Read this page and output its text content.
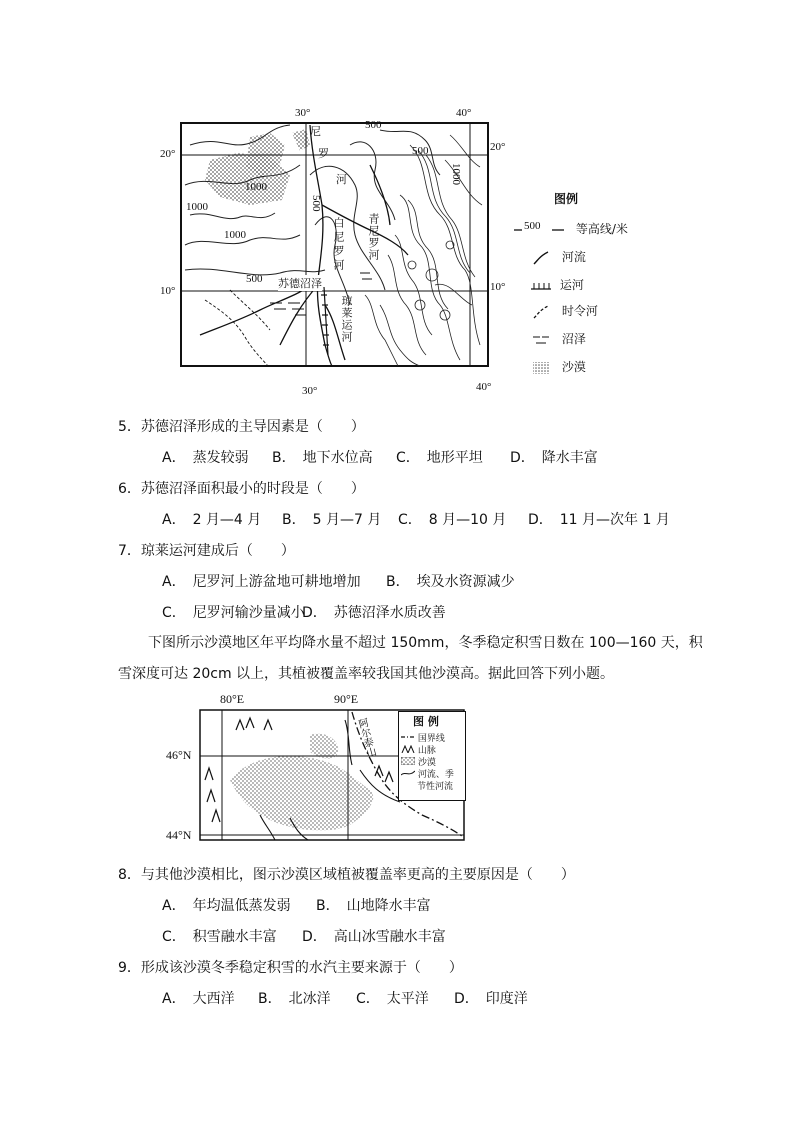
30°	40°
30°	40°
20°
10°	10°
20°
500
1000
1000
1000
500
500
1000
500
尼
罗
河
白尼罗河 青尼罗河
苏德沼泽
琼莱运河
图例

500	等高线/米
河流
运河
时令河
沼泽
沙漠
5．苏德沼泽形成的主导因素是（　　）
A．　蒸发较弱 B．　地下水位高 C．　地形平坦 D．　降水丰富
6．苏德沼泽面积最小的时段是（　　）
A．　2 月—4 月 B．　5 月—7 月 C．　8 月—10 月 D．　11 月—次年 1 月
7．琼莱运河建成后（　　）
A．　尼罗河上游盆地可耕地增加 B．　埃及水资源减少
C．　尼罗河输沙量减小
D．　苏德沼泽水质改善
下图所示沙漠地区年平均降水量不超过 150mm，冬季稳定积雪日数在 100—160 天，积
雪深度可达 20cm 以上，其植被覆盖率较我国其他沙漠高。据此回答下列小题。
80°E	90°E
46°N
44°N
阿尔泰山	图 例
国界线
山脉
沙漠
河流、季
节性河流
8．与其他沙漠相比，图示沙漠区域植被覆盖率更高的主要原因是（　　）
A．　年均温低蒸发弱 B．　山地降水丰富
C．　积雪融水丰富 D．　高山冰雪融水丰富
9．形成该沙漠冬季稳定积雪的水汽主要来源于（　　）
A．　大西洋 B．　北冰洋 C．　太平洋 D．　印度洋
